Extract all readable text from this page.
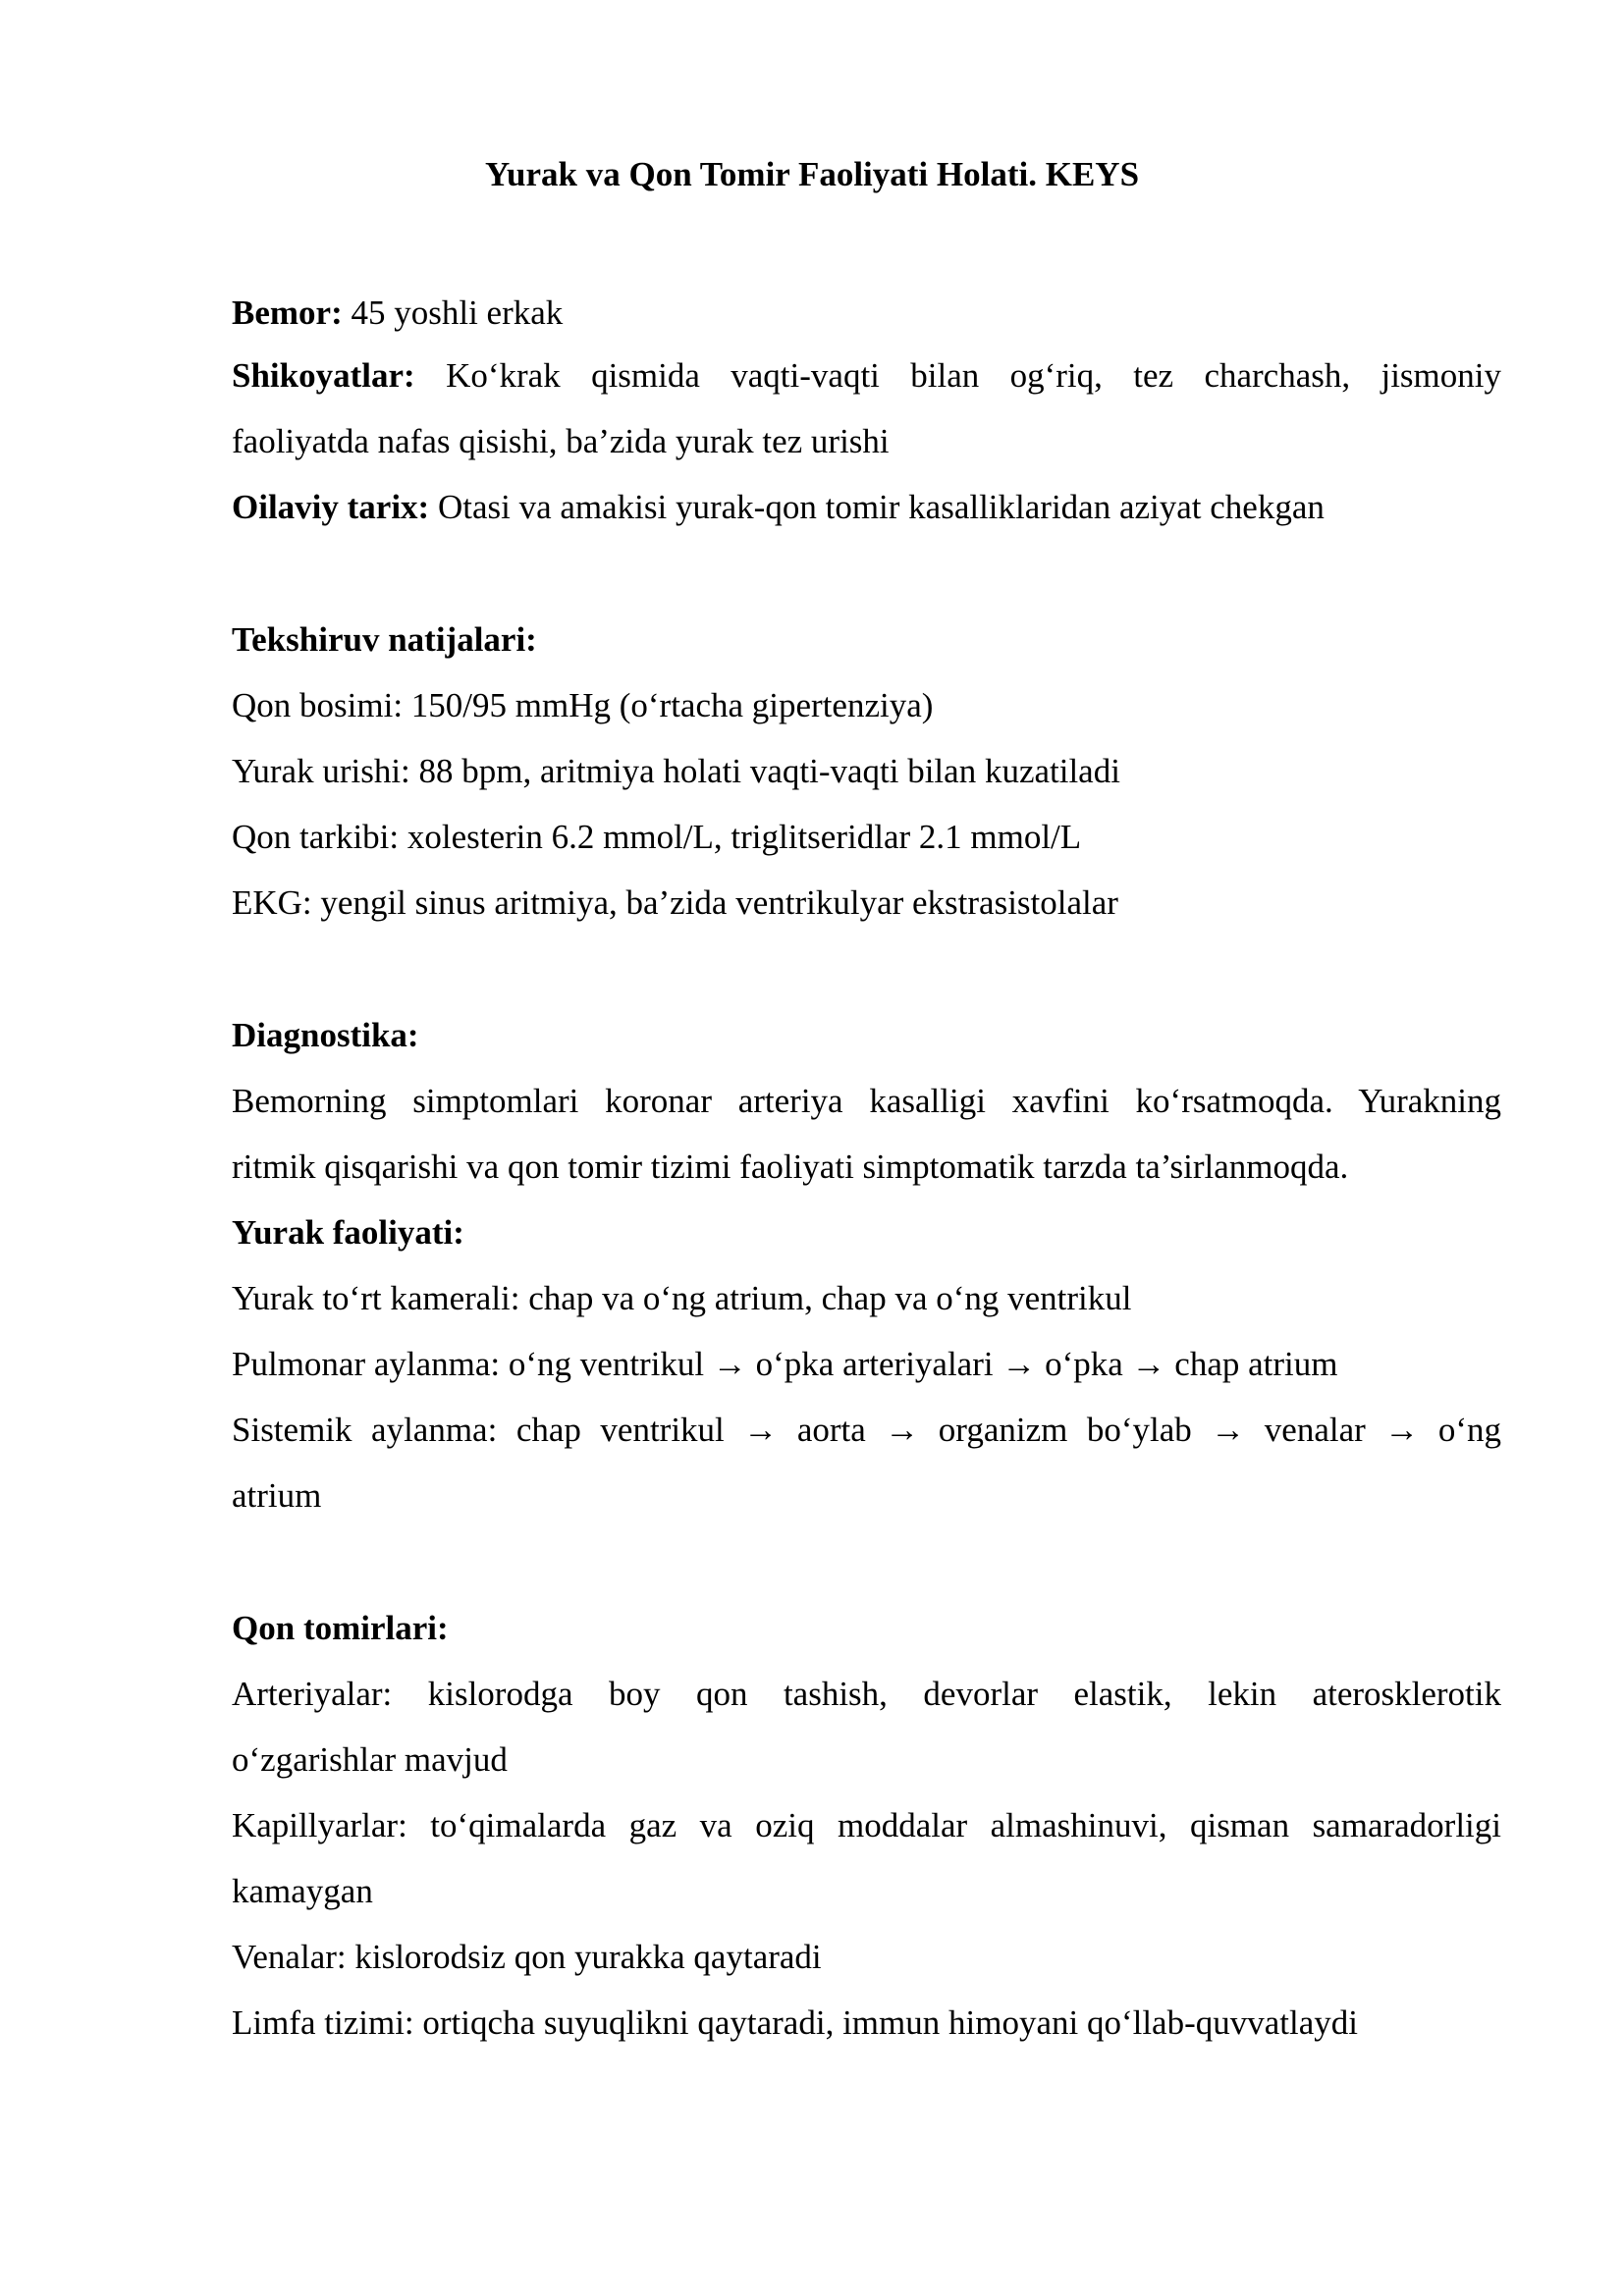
Yurak va Qon Tomir Faoliyati Holati. KEYS
Bemor: 45 yoshli erkak
Shikoyatlar: Ko‘krak qismida vaqti-vaqti bilan og‘riq, tez charchash, jismoniy
faoliyatda nafas qisishi, ba’zida yurak tez urishi
Oilaviy tarix: Otasi va amakisi yurak-qon tomir kasalliklaridan aziyat chekgan
Tekshiruv natijalari:
Qon bosimi: 150/95 mmHg (o‘rtacha gipertenziya)
Yurak urishi: 88 bpm, aritmiya holati vaqti-vaqti bilan kuzatiladi
Qon tarkibi: xolesterin 6.2 mmol/L, triglitseridlar 2.1 mmol/L
EKG: yengil sinus aritmiya, ba’zida ventrikulyar ekstrasistolalar
Diagnostika:
Bemorning simptomlari koronar arteriya kasalligi xavfini ko‘rsatmoqda. Yurakning
ritmik qisqarishi va qon tomir tizimi faoliyati simptomatik tarzda ta’sirlanmoqda.
Yurak faoliyati:
Yurak to‘rt kamerali: chap va o‘ng atrium, chap va o‘ng ventrikul
Pulmonar aylanma: o‘ng ventrikul → o‘pka arteriyalari → o‘pka → chap atrium
Sistemik aylanma: chap ventrikul → aorta → organizm bo‘ylab → venalar → o‘ng
atrium
Qon tomirlari:
Arteriyalar: kislorodga boy qon tashish, devorlar elastik, lekin aterosklerotik
o‘zgarishlar mavjud
Kapillyarlar: to‘qimalarda gaz va oziq moddalar almashinuvi, qisman samaradorligi
kamaygan
Venalar: kislorodsiz qon yurakka qaytaradi
Limfa tizimi: ortiqcha suyuqlikni qaytaradi, immun himoyani qo‘llab-quvvatlaydi
